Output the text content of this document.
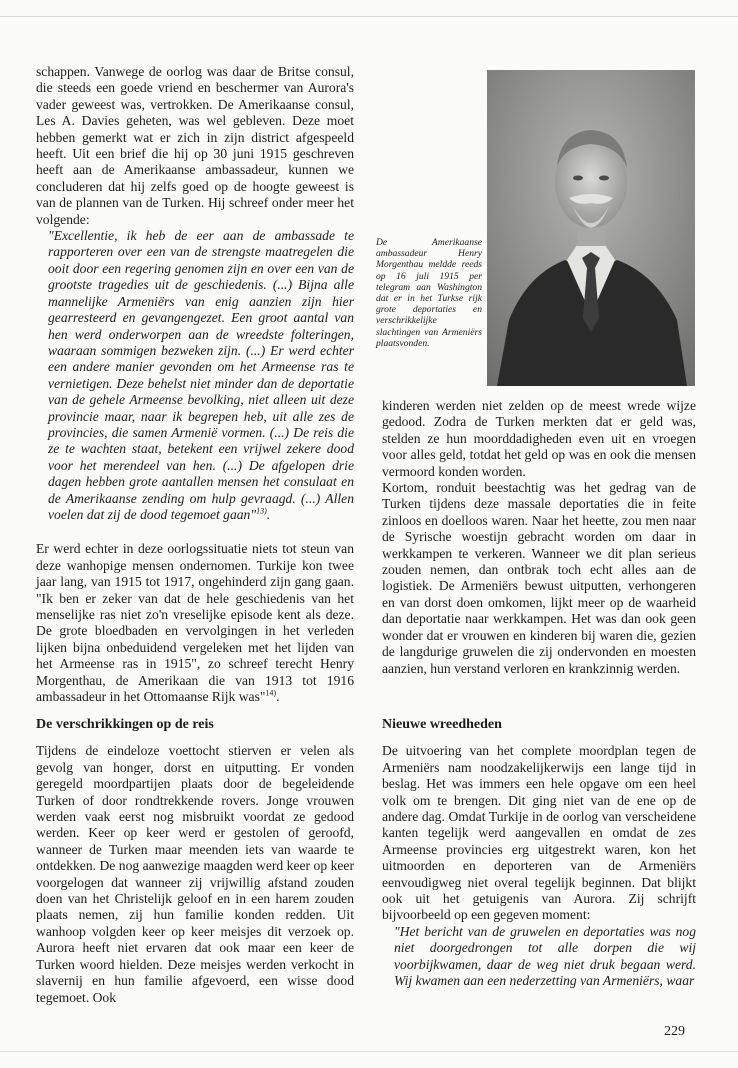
schappen. Vanwege de oorlog was daar de Britse consul, die steeds een goede vriend en beschermer van Aurora's vader geweest was, vertrokken. De Amerikaanse consul, Les A. Davies geheten, was wel gebleven. Deze moet hebben gemerkt wat er zich in zijn district afgespeeld heeft. Uit een brief die hij op 30 juni 1915 geschreven heeft aan de Amerikaanse ambassadeur, kunnen we concluderen dat hij zelfs goed op de hoogte geweest is van de plannen van de Turken. Hij schreef onder meer het volgende:

"Excellentie, ik heb de eer aan de ambassade te rapporteren over een van de strengste maatregelen die ooit door een regering genomen zijn en over een van de grootste tragedies uit de geschiedenis. (...) Bijna alle mannelijke Armeniërs van enig aanzien zijn hier gearresteerd en gevangengezet. Een groot aantal van hen werd onderworpen aan de wreedste folteringen, waaraan sommigen bezweken zijn. (...) Er werd echter een andere manier gevonden om het Armeense ras te vernietigen. Deze behelst niet minder dan de deportatie van de gehele Armeense bevolking, niet alleen uit deze provincie maar, naar ik begrepen heb, uit alle zes de provincies, die samen Armenië vormen. (...) De reis die ze te wachten staat, betekent een vrijwel zekere dood voor het merendeel van hen. (...) De afgelopen drie dagen hebben grote aantallen mensen het consulaat en de Amerikaanse zending om hulp gevraagd. (...) Allen voelen dat zij de dood tegemoet gaan"$^{13)}$.

Er werd echter in deze oorlogssituatie niets tot steun van deze wanhopige mensen ondernomen. Turkije kon twee jaar lang, van 1915 tot 1917, ongehinderd zijn gang gaan. "Ik ben er zeker van dat de hele geschiedenis van het menselijke ras niet zo'n vreselijke episode kent als deze. De grote bloedbaden en vervolgingen in het verleden lijken bijna onbeduidend vergeleken met het lijden van het Armeense ras in 1915", zo schreef terecht Henry Morgenthau, de Amerikaan die van 1913 tot 1916 ambassadeur in het Ottomaanse Rijk was"$^{14)}$.

De Amerikaanse ambassadeur Henry Morgenthau meldde reeds op 16 juli 1915 per telegram aan Washington dat er in het Turkse rijk grote deportaties en verschrikkelijke slachtingen van Armeniërs plaatsvonden.

kinderen werden niet zelden op de meest wrede wijze gedood. Zodra de Turken merkten dat er geld was, stelden ze hun moorddadigheden even uit en vroegen voor alles geld, totdat het geld op was en ook die mensen vermoord konden worden.

Kortom, ronduit beestachtig was het gedrag van de Turken tijdens deze massale deportaties die in feite zinloos en doelloos waren. Naar het heette, zou men naar de Syrische woestijn gebracht worden om daar in werkkampen te verkeren. Wanneer we dit plan serieus zouden nemen, dan ontbrak toch echt alles aan de logistiek. De Armeniërs bewust uitputten, verhongeren en van dorst doen omkomen, lijkt meer op de waarheid dan deportatie naar werkkampen. Het was dan ook geen wonder dat er vrouwen en kinderen bij waren die, gezien de langdurige gruwelen die zij ondervonden en moesten aanzien, hun verstand verloren en krankzinnig werden.

De verschrikkingen op de reis

Tijdens de eindeloze voettocht stierven er velen als gevolg van honger, dorst en uitputting. Er vonden geregeld moordpartijen plaats door de begeleidende Turken of door rondtrekkende rovers. Jonge vrouwen werden vaak eerst nog misbruikt voordat ze gedood werden. Keer op keer werd er gestolen of geroofd, wanneer de Turken maar meenden iets van waarde te ontdekken. De nog aanwezige maagden werd keer op keer voorgelogen dat wanneer zij vrijwillig afstand zouden doen van het Christelijk geloof en in een harem zouden plaats nemen, zij hun familie konden redden. Uit wanhoop volgden keer op keer meisjes dit verzoek op. Aurora heeft niet ervaren dat ook maar een keer de Turken woord hielden. Deze meisjes werden verkocht in slavernij en hun familie afgevoerd, een wisse dood tegemoet. Ook

Nieuwe wreedheden

De uitvoering van het complete moordplan tegen de Armeniërs nam noodzakelijkerwijs een lange tijd in beslag. Het was immers een hele opgave om een heel volk om te brengen. Dit ging niet van de ene op de andere dag. Omdat Turkije in de oorlog van verscheidene kanten tegelijk werd aangevallen en omdat de zes Armeense provincies erg uitgestrekt waren, kon het uitmoorden en deporteren van de Armeniërs eenvoudigweg niet overal tegelijk beginnen. Dat blijkt ook uit het getuigenis van Aurora. Zij schrijft bijvoorbeeld op een gegeven moment:

"Het bericht van de gruwelen en deportaties was nog niet doorgedrongen tot alle dorpen die wij voorbijkwamen, daar de weg niet druk begaan werd. Wij kwamen aan een nederzetting van Armeniërs, waar

229
